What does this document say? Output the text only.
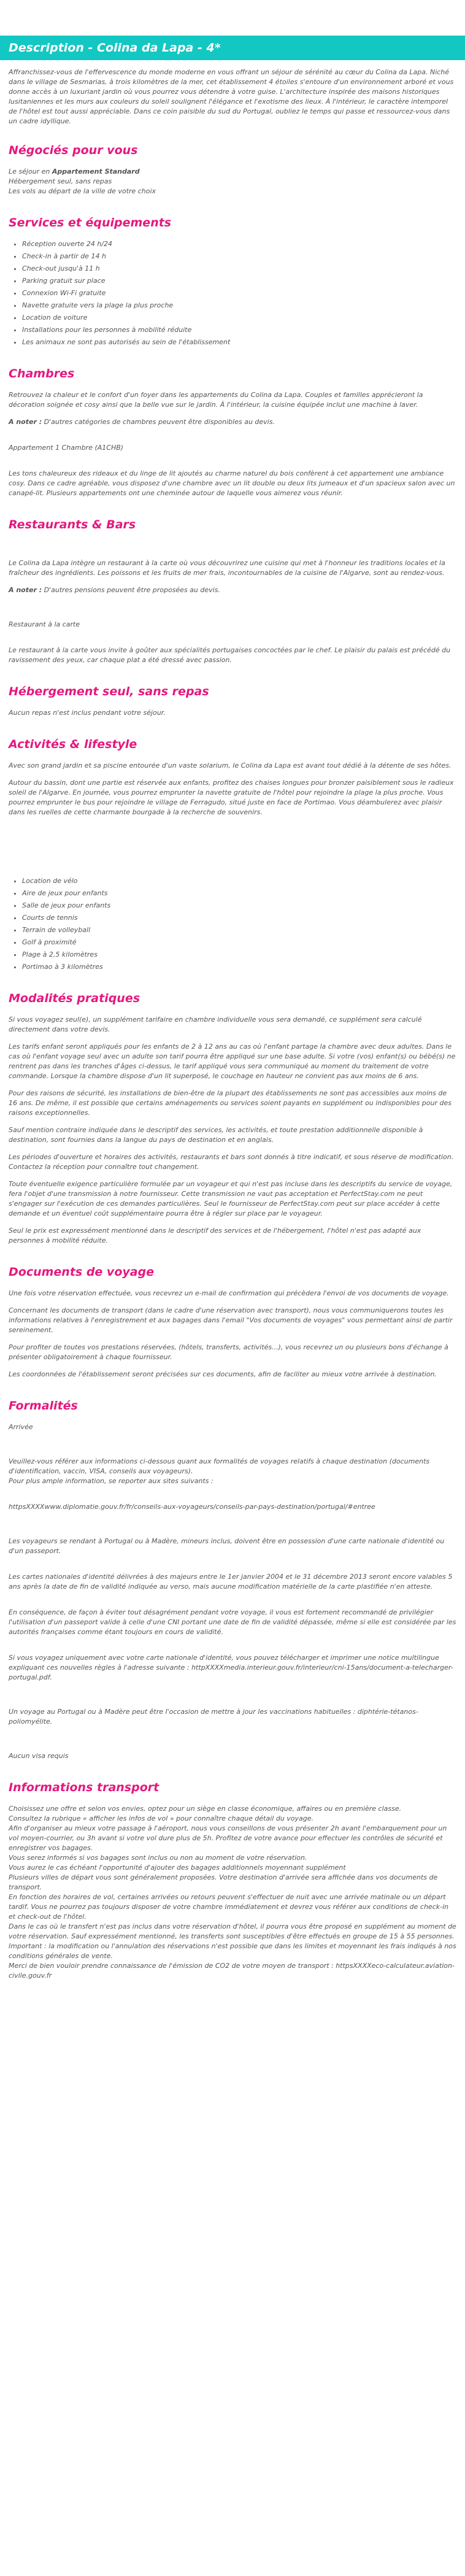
Description - Colina da Lapa - 4*

Affranchissez-vous de l'effervescence du monde moderne en vous offrant un séjour de sérénité au cœur du Colina da Lapa. Niché dans le village de Sesmarias, à trois kilomètres de la mer, cet établissement 4 étoiles s'entoure d'un environnement arboré et vous donne accès à un luxuriant jardin où vous pourrez vous détendre à votre guise. L'architecture inspirée des maisons historiques lusitaniennes et les murs aux couleurs du soleil soulignent l'élégance et l'exotisme des lieux. À l'intérieur, le caractère intemporel de l'hôtel est tout aussi appréciable. Dans ce coin paisible du sud du Portugal, oubliez le temps qui passe et ressourcez-vous dans un cadre idyllique.

Négociés pour vous

Le séjour en Appartement Standard
Hébergement seul, sans repas
Les vols au départ de la ville de votre choix

Services et équipements
• Réception ouverte 24 h/24
• Check-in à partir de 14 h
• Check-out jusqu'à 11 h
• Parking gratuit sur place
• Connexion Wi-Fi gratuite
• Navette gratuite vers la plage la plus proche
• Location de voiture
• Installations pour les personnes à mobilité réduite
• Les animaux ne sont pas autorisés au sein de l'établissement
Chambres

Retrouvez la chaleur et le confort d'un foyer dans les appartements du Colina da Lapa. Couples et familles apprécieront la décoration soignée et cosy ainsi que la belle vue sur le jardin. À l'intérieur, la cuisine équipée inclut une machine à laver.

A noter : D'autres catégories de chambres peuvent être disponibles au devis.

Appartement 1 Chambre (A1CHB)

Les tons chaleureux des rideaux et du linge de lit ajoutés au charme naturel du bois confèrent à cet appartement une ambiance cosy. Dans ce cadre agréable, vous disposez d'une chambre avec un lit double ou deux lits jumeaux et d'un spacieux salon avec un canapé-lit. Plusieurs appartements ont une cheminée autour de laquelle vous aimerez vous réunir.

Restaurants & Bars

Le Colina da Lapa intègre un restaurant à la carte où vous découvrirez une cuisine qui met à l'honneur les traditions locales et la fraîcheur des ingrédients. Les poissons et les fruits de mer frais, incontournables de la cuisine de l'Algarve, sont au rendez-vous.

A noter : D'autres pensions peuvent être proposées au devis.

Restaurant à la carte

Le restaurant à la carte vous invite à goûter aux spécialités portugaises concoctées par le chef. Le plaisir du palais est précédé du ravissement des yeux, car chaque plat a été dressé avec passion.

Hébergement seul, sans repas

Aucun repas n'est inclus pendant votre séjour.

Activités & lifestyle

Avec son grand jardin et sa piscine entourée d'un vaste solarium, le Colina da Lapa est avant tout dédié à la détente de ses hôtes.

Autour du bassin, dont une partie est réservée aux enfants, profitez des chaises longues pour bronzer paisiblement sous le radieux soleil de l'Algarve. En journée, vous pourrez emprunter la navette gratuite de l'hôtel pour rejoindre la plage la plus proche. Vous pourrez emprunter le bus pour rejoindre le village de Ferragudo, situé juste en face de Portimao. Vous déambulerez avec plaisir dans les ruelles de cette charmante bourgade à la recherche de souvenirs.

• Location de vélo
• Aire de jeux pour enfants
• Salle de jeux pour enfants
• Courts de tennis
• Terrain de volleyball
• Golf à proximité
• Plage à 2,5 kilomètres
• Portimao à 3 kilomètres
Modalités pratiques

Si vous voyagez seul(e), un supplément tarifaire en chambre individuelle vous sera demandé, ce supplément sera calculé directement dans votre devis.

Les tarifs enfant seront appliqués pour les enfants de 2 à 12 ans au cas où l'enfant partage la chambre avec deux adultes. Dans le cas où l'enfant voyage seul avec un adulte son tarif pourra être appliqué sur une base adulte. Si votre (vos) enfant(s) ou bébé(s) ne rentrent pas dans les tranches d'âges ci-dessus, le tarif appliqué vous sera communiqué au moment du traitement de votre commande. Lorsque la chambre dispose d'un lit superposé, le couchage en hauteur ne convient pas aux moins de 6 ans.

Pour des raisons de sécurité, les installations de bien-être de la plupart des établissements ne sont pas accessibles aux moins de 16 ans. De même, il est possible que certains aménagements ou services soient payants en supplément ou indisponibles pour des raisons exceptionnelles.

Sauf mention contraire indiquée dans le descriptif des services, les activités, et toute prestation additionnelle disponible à destination, sont fournies dans la langue du pays de destination et en anglais.

Les périodes d'ouverture et horaires des activités, restaurants et bars sont donnés à titre indicatif, et sous réserve de modification. Contactez la réception pour connaître tout changement.

Toute éventuelle exigence particulière formulée par un voyageur et qui n'est pas incluse dans les descriptifs du service de voyage, fera l'objet d'une transmission à notre fournisseur. Cette transmission ne vaut pas acceptation et PerfectStay.com ne peut s'engager sur l'exécution de ces demandes particulières. Seul le fournisseur de PerfectStay.com peut sur place accéder à cette demande et un éventuel coût supplémentaire pourra être à régler sur place par le voyageur.

Seul le prix est expressément mentionné dans le descriptif des services et de l'hébergement, l'hôtel n'est pas adapté aux personnes à mobilité réduite.

Documents de voyage

Une fois votre réservation effectuée, vous recevrez un e-mail de confirmation qui précèdera l'envoi de vos documents de voyage.

Concernant les documents de transport (dans le cadre d'une réservation avec transport), nous vous communiquerons toutes les informations relatives à l'enregistrement et aux bagages dans l'email "Vos documents de voyages" vous permettant ainsi de partir sereinement.

Pour profiter de toutes vos prestations réservées, (hôtels, transferts, activités...), vous recevrez un ou plusieurs bons d'échange à présenter obligatoirement à chaque fournisseur.

Les coordonnées de l'établissement seront précisées sur ces documents, afin de faciliter au mieux votre arrivée à destination.

Formalités

Arrivée

Veuillez-vous référer aux informations ci-dessous quant aux formalités de voyages relatifs à chaque destination (documents d'identification, vaccin, VISA, conseils aux voyageurs).

Pour plus ample information, se reporter aux sites suivants :

httpsXXXXwww.diplomatie.gouv.fr/fr/conseils-aux-voyageurs/conseils-par-pays-destination/portugal/#entree

Les voyageurs se rendant à Portugal ou à Madère, mineurs inclus, doivent être en possession d'une carte nationale d'identité ou d'un passeport.

Les cartes nationales d'identité délivrées à des majeurs entre le 1er janvier 2004 et le 31 décembre 2013 seront encore valables 5 ans après la date de fin de validité indiquée au verso, mais aucune modification matérielle de la carte plastifiée n'en atteste.

En conséquence, de façon à éviter tout désagrément pendant votre voyage, il vous est fortement recommandé de privilégier l'utilisation d'un passeport valide à celle d'une CNI portant une date de fin de validité dépassée, même si elle est considérée par les autorités françaises comme étant toujours en cours de validité.

Si vous voyagez uniquement avec votre carte nationale d'identité, vous pouvez télécharger et imprimer une notice multilingue expliquant ces nouvelles règles à l'adresse suivante : httpXXXXmedia.interieur.gouv.fr/interieur/cni-15ans/document-a-telecharger-portugal.pdf.

Un voyage au Portugal ou à Madère peut être l'occasion de mettre à jour les vaccinations habituelles : diphtérie-tétanos-poliomyélite.

Aucun visa requis

Informations transport

Choisissez une offre et selon vos envies, optez pour un siège en classe économique, affaires ou en première classe.
Consultez la rubrique « afficher les infos de vol » pour connaître chaque détail du voyage.
Afin d'organiser au mieux votre passage à l'aéroport, nous vous conseillons de vous présenter 2h avant l'embarquement pour un vol moyen-courrier, ou 3h avant si votre vol dure plus de 5h. Profitez de votre avance pour effectuer les contrôles de sécurité et enregistrer vos bagages.
Vous serez informés si vos bagages sont inclus ou non au moment de votre réservation.
Vous aurez le cas échéant l'opportunité d'ajouter des bagages additionnels moyennant supplément
Plusieurs villes de départ vous sont généralement proposées. Votre destination d'arrivée sera affichée dans vos documents de transport.
En fonction des horaires de vol, certaines arrivées ou retours peuvent s'effectuer de nuit avec une arrivée matinale ou un départ tardif. Vous ne pourrez pas toujours disposer de votre chambre immédiatement et devrez vous référer aux conditions de check-in et check-out de l'hôtel.
Dans le cas où le transfert n'est pas inclus dans votre réservation d'hôtel, il pourra vous être proposé en supplément au moment de votre réservation. Sauf expressément mentionné, les transferts sont susceptibles d'être effectués en groupe de 15 à 55 personnes.
Important : la modification ou l'annulation des réservations n'est possible que dans les limites et moyennant les frais indiqués à nos conditions générales de vente.
Merci de bien vouloir prendre connaissance de l'émission de CO2 de votre moyen de transport : httpsXXXXeco-calculateur.aviation-civile.gouv.fr
